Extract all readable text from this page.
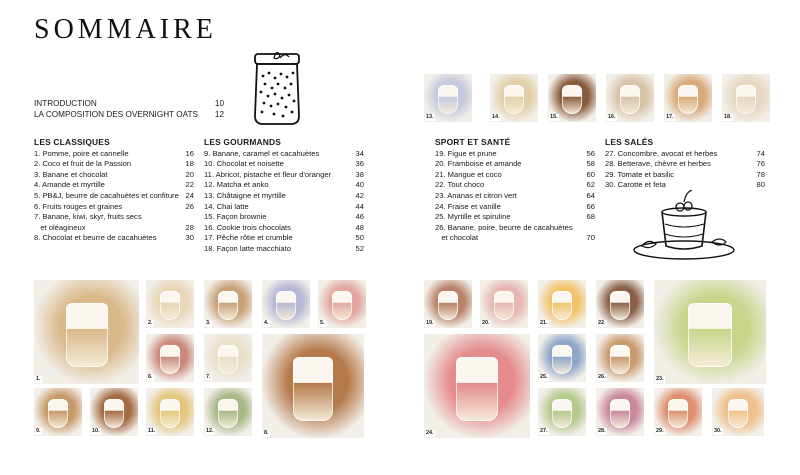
SOMMAIRE
INTRODUCTION	10
LA COMPOSITION DES OVERNIGHT OATS 12
LES CLASSIQUES
1. Pomme, poire et cannelle	16
2. Coco et fruit de la Passion	18
3. Banane et chocolat	20
4. Amande et myrtille	22
5. PB&J, beurre de cacahuètes et confiture 24
6. Fruits rouges et graines	26
7. Banane, kiwi, skyr, fruits secs
et oléagineux	28
8. Chocolat et beurre de cacahuètes	30
LES GOURMANDS
9. Banane, caramel et cacahuètes	34
10. Chocolat et noisette	36
11. Abricot, pistache et fleur d'oranger	38
12. Matcha et anko	40
13. Châtaigne et myrtille	42
14. Chai latte	44
15. Façon brownie	46
16. Cookie trois chocolats	48
17. Pêche rôtie et crumble	50
18. Façon latte macchiato	52
SPORT ET SANTÉ
19. Figue et prune	56
20. Framboise et amande	58
21. Mangue et coco	60
22. Tout choco	62
23. Ananas et citron vert	64
24. Fraise et vanille	66
25. Myrtille et spiruline	68
26. Banane, poire, beurre de cacahuètes
et chocolat	70
LES SALÉS
27. Concombre, avocat et herbes	74
28. Betterave, chèvre et herbes	76
29. Tomate et basilic	78
30. Carotte et feta	80
1.
2.	3.	4.	5.
6.	7.
8.
9.	10.	11.	12.
13.	14.	15.	16.	17.	18.
19.	20.	21.	22.
23.
24.
25.	26.
27.	28.	29.	30.
